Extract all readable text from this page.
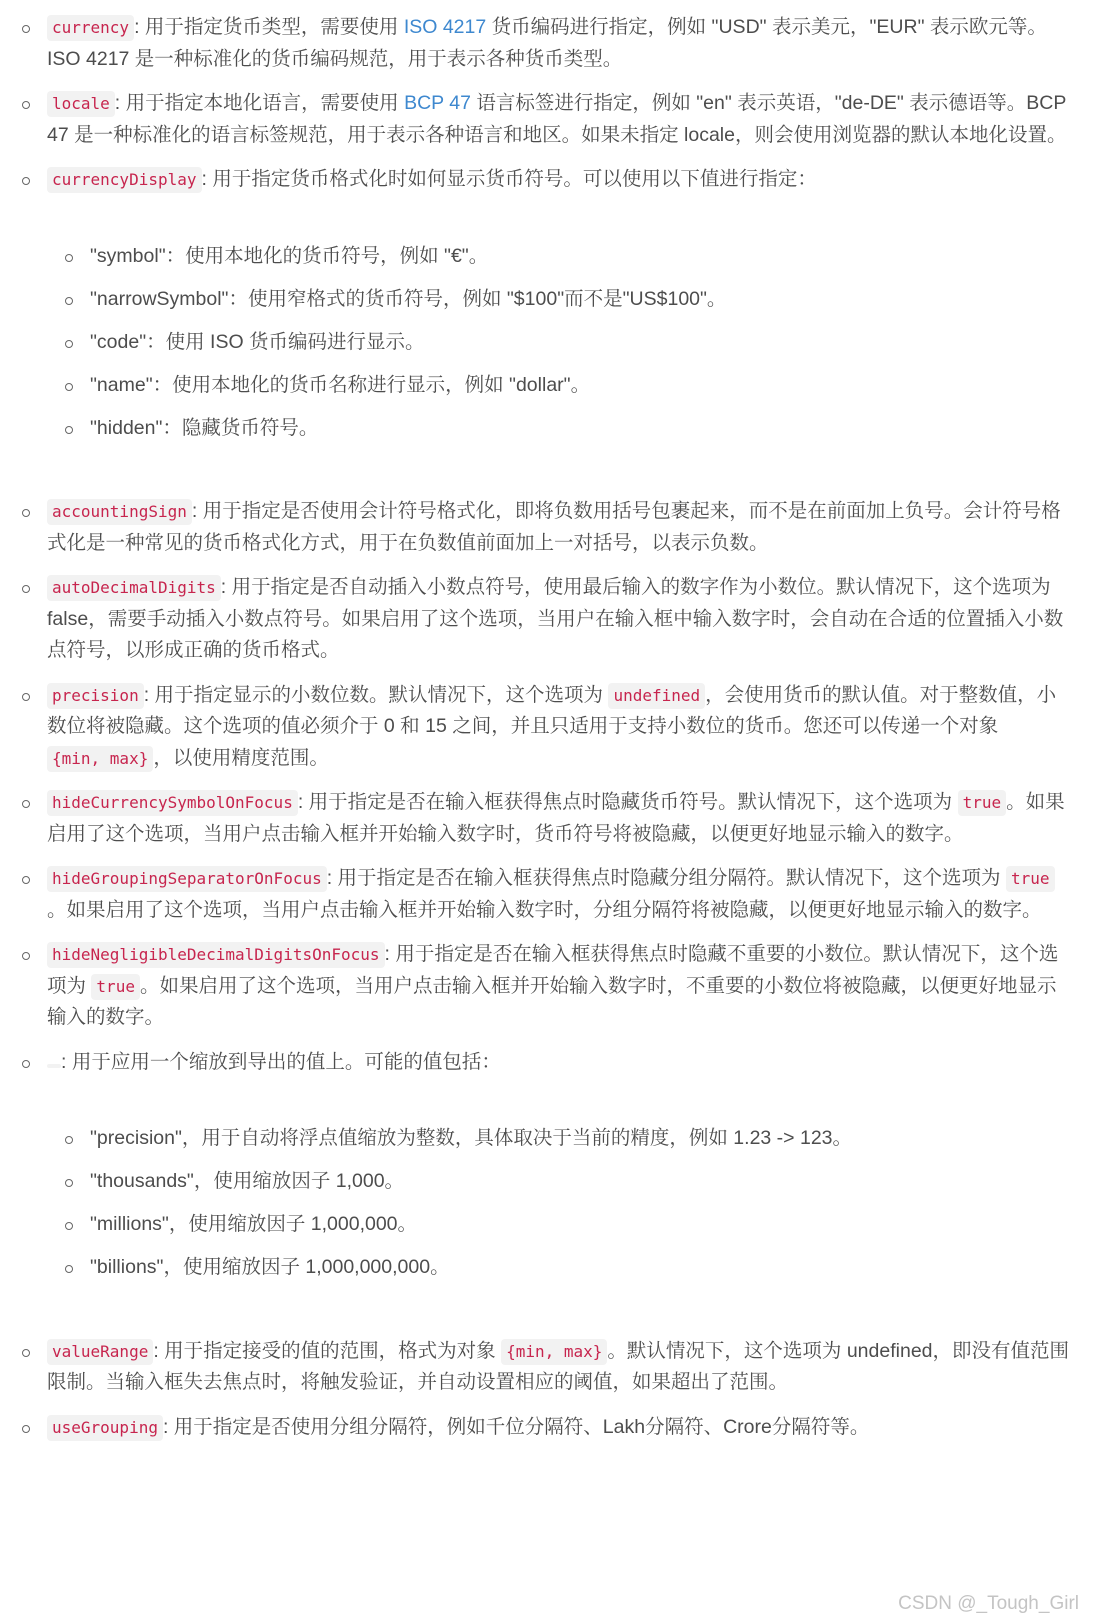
currency : 用于指定货币类型，需要使用 ISO 4217 货币编码进行指定，例如 "USD" 表示美元，"EUR" 表示欧元等。ISO 4217 是一种标准化的货币编码规范，用于表示各种货币类型。
locale : 用于指定本地化语言，需要使用 BCP 47 语言标签进行指定，例如 "en" 表示英语，"de-DE" 表示德语等。BCP 47 是一种标准化的语言标签规范，用于表示各种语言和地区。如果未指定 locale，则会使用浏览器的默认本地化设置。
currencyDisplay : 用于指定货币格式化时如何显示货币符号。可以使用以下值进行指定：
"symbol"：使用本地化的货币符号，例如 "€"。
"narrowSymbol"：使用窄格式的货币符号，例如 "$100"而不是"US$100"。
"code"：使用 ISO 货币编码进行显示。
"name"：使用本地化的货币名称进行显示，例如 "dollar"。
"hidden"：隐藏货币符号。
accountingSign : 用于指定是否使用会计符号格式化，即将负数用括号包裹起来，而不是在前面加上负号。会计符号格式化是一种常见的货币格式化方式，用于在负数值前面加上一对括号，以表示负数。
autoDecimalDigits : 用于指定是否自动插入小数点符号，使用最后输入的数字作为小数位。默认情况下，这个选项为 false，需要手动插入小数点符号。如果启用了这个选项，当用户在输入框中输入数字时，会自动在合适的位置插入小数点符号，以形成正确的货币格式。
precision : 用于指定显示的小数位数。默认情况下，这个选项为 undefined ，会使用货币的默认值。对于整数值，小数位将被隐藏。这个选项的值必须介于 0 和 15 之间，并且只适用于支持小数位的货币。您还可以传递一个对象 {min, max} ，以使用精度范围。
hideCurrencySymbolOnFocus : 用于指定是否在输入框获得焦点时隐藏货币符号。默认情况下，这个选项为 true 。如果启用了这个选项，当用户点击输入框并开始输入数字时，货币符号将被隐藏，以便更好地显示输入的数字。
hideGroupingSeparatorOnFocus : 用于指定是否在输入框获得焦点时隐藏分组分隔符。默认情况下，这个选项为 true。如果启用了这个选项，当用户点击输入框并开始输入数字时，分组分隔符将被隐藏，以便更好地显示输入的数字。
hideNegligibleDecimalDigitsOnFocus : 用于指定是否在输入框获得焦点时隐藏不重要的小数位。默认情况下，这个选项为 true 。如果启用了这个选项，当用户点击输入框并开始输入数字时，不重要的小数位将被隐藏，以便更好地显示输入的数字。
: 用于应用一个缩放到导出的值上。可能的值包括：
"precision"，用于自动将浮点值缩放为整数，具体取决于当前的精度，例如 1.23 -> 123。
"thousands"，使用缩放因子 1,000。
"millions"，使用缩放因子 1,000,000。
"billions"，使用缩放因子 1,000,000,000。
valueRange : 用于指定接受的值的范围，格式为对象 {min, max} 。默认情况下，这个选项为 undefined，即没有值范围限制。当输入框失去焦点时，将触发验证，并自动设置相应的阈值，如果超出了范围。
useGrouping : 用于指定是否使用分组分隔符，例如千位分隔符、Lakh分隔符、Crore分隔符等。
CSDN @_Tough_Girl
